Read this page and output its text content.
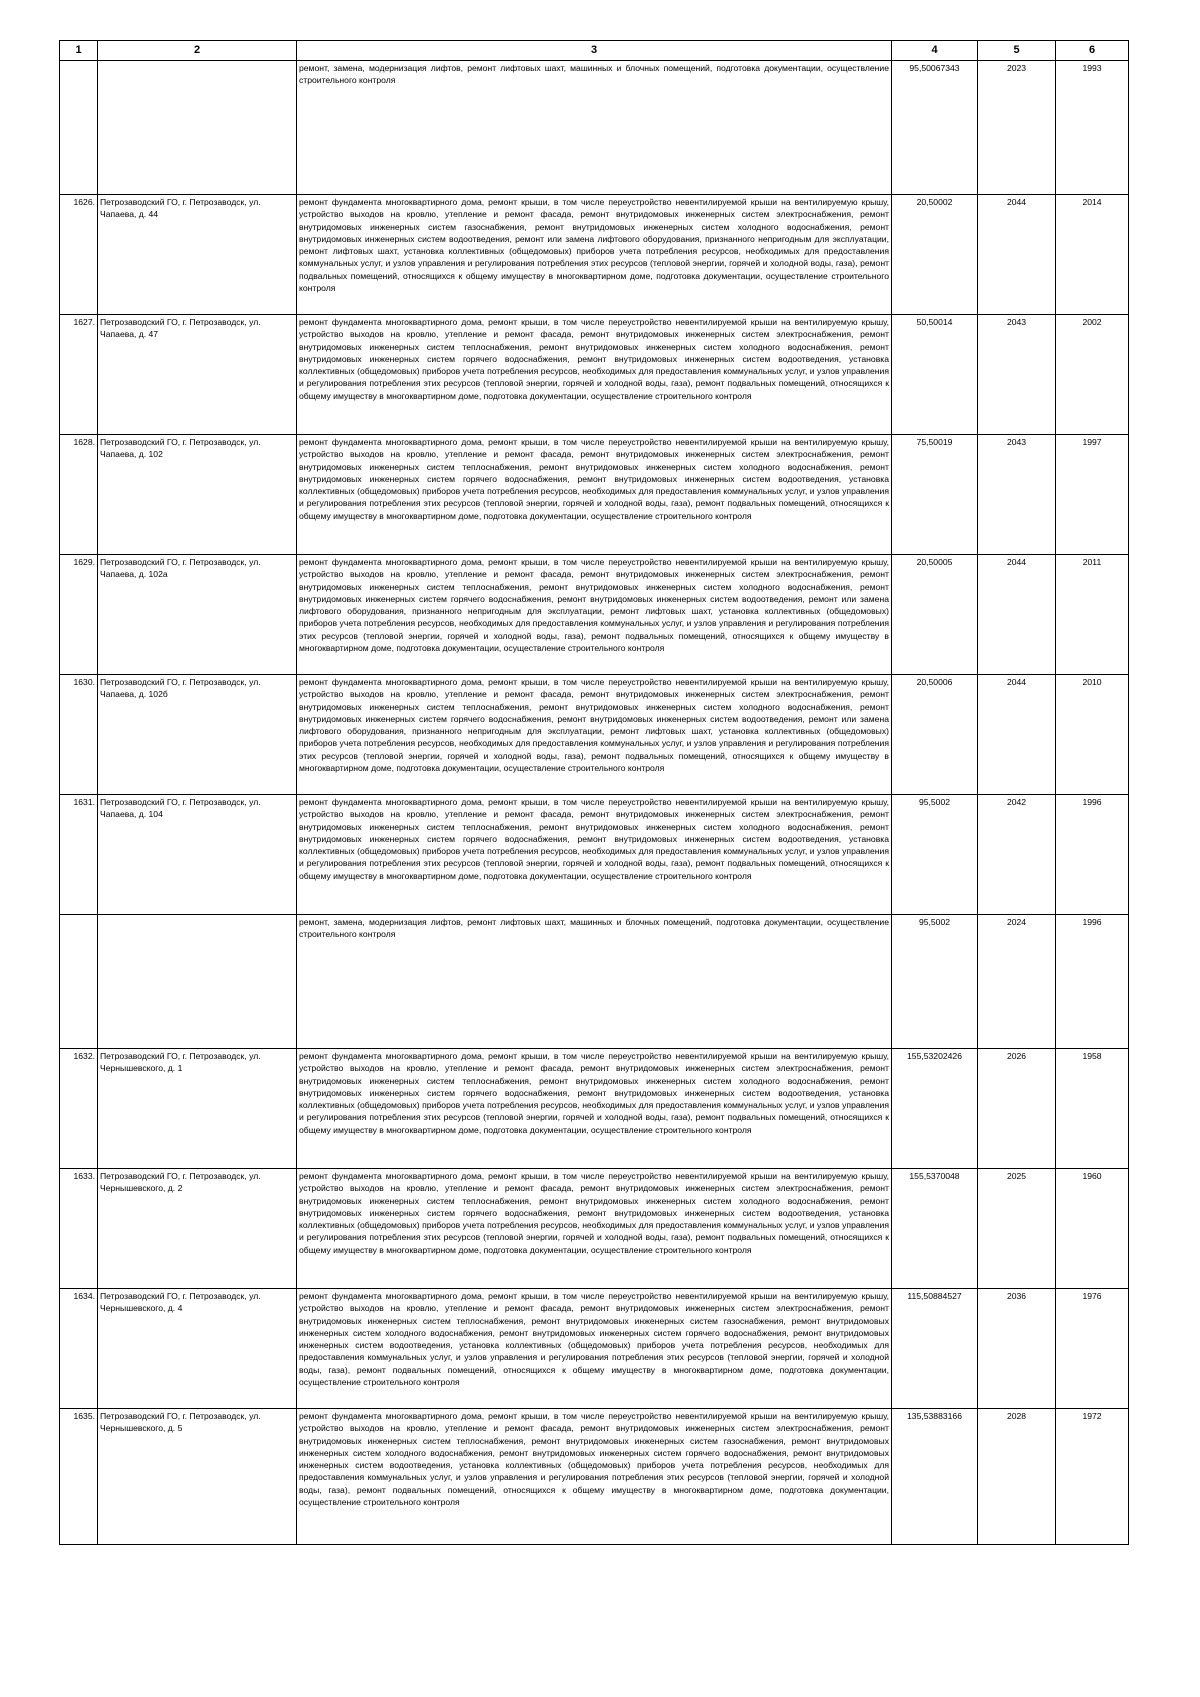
1	2	3	4	5	6
		ремонт, замена, модернизация лифтов, ремонт лифтовых шахт, машинных и блочных помещений, подготовка документации, осуществление строительного контроля	95,50067343	2023	1993
1626.	Петрозаводский ГО, г. Петрозаводск, ул. Чапаева, д. 44	ремонт фундамента многоквартирного дома, ремонт крыши, в том числе переустройство невентилируемой крыши на вентилируемую крышу, устройство выходов на кровлю, утепление и ремонт фасада, ремонт внутридомовых инженерных систем электроснабжения, ремонт внутридомовых инженерных систем газоснабжения, ремонт внутридомовых инженерных систем холодного водоснабжения, ремонт внутридомовых инженерных систем водоотведения, ремонт или замена лифтового оборудования, признанного непригодным для эксплуатации, ремонт лифтовых шахт, установка коллективных (общедомовых) приборов учета потребления ресурсов, необходимых для предоставления коммунальных услуг, и узлов управления и регулирования потребления этих ресурсов (тепловой энергии, горячей и холодной воды, газа), ремонт подвальных помещений, относящихся к общему имуществу в многоквартирном доме, подготовка документации, осуществление строительного контроля	20,50002	2044	2014
1627.	Петрозаводский ГО, г. Петрозаводск, ул. Чапаева, д. 47	ремонт фундамента многоквартирного дома, ремонт крыши, в том числе переустройство невентилируемой крыши на вентилируемую крышу, устройство выходов на кровлю, утепление и ремонт фасада, ремонт внутридомовых инженерных систем электроснабжения, ремонт внутридомовых инженерных систем теплоснабжения, ремонт внутридомовых инженерных систем холодного водоснабжения, ремонт внутридомовых инженерных систем горячего водоснабжения, ремонт внутридомовых инженерных систем водоотведения, установка коллективных (общедомовых) приборов учета потребления ресурсов, необходимых для предоставления коммунальных услуг, и узлов управления и регулирования потребления этих ресурсов (тепловой энергии, горячей и холодной воды, газа), ремонт подвальных помещений, относящихся к общему имуществу в многоквартирном доме, подготовка документации, осуществление строительного контроля	50,50014	2043	2002
1628.	Петрозаводский ГО, г. Петрозаводск, ул. Чапаева, д. 102	ремонт фундамента многоквартирного дома, ремонт крыши, в том числе переустройство невентилируемой крыши на вентилируемую крышу, устройство выходов на кровлю, утепление и ремонт фасада, ремонт внутридомовых инженерных систем электроснабжения, ремонт внутридомовых инженерных систем теплоснабжения, ремонт внутридомовых инженерных систем холодного водоснабжения, ремонт внутридомовых инженерных систем горячего водоснабжения, ремонт внутридомовых инженерных систем водоотведения, установка коллективных (общедомовых) приборов учета потребления ресурсов, необходимых для предоставления коммунальных услуг, и узлов управления и регулирования потребления этих ресурсов (тепловой энергии, горячей и холодной воды, газа), ремонт подвальных помещений, относящихся к общему имуществу в многоквартирном доме, подготовка документации, осуществление строительного контроля	75,50019	2043	1997
1629.	Петрозаводский ГО, г. Петрозаводск, ул. Чапаева, д. 102а	ремонт фундамента многоквартирного дома, ремонт крыши, в том числе переустройство невентилируемой крыши на вентилируемую крышу, устройство выходов на кровлю, утепление и ремонт фасада, ремонт внутридомовых инженерных систем электроснабжения, ремонт внутридомовых инженерных систем теплоснабжения, ремонт внутридомовых инженерных систем холодного водоснабжения, ремонт внутридомовых инженерных систем горячего водоснабжения, ремонт внутридомовых инженерных систем водоотведения, ремонт или замена лифтового оборудования, признанного непригодным для эксплуатации, ремонт лифтовых шахт, установка коллективных (общедомовых) приборов учета потребления ресурсов, необходимых для предоставления коммунальных услуг, и узлов управления и регулирования потребления этих ресурсов (тепловой энергии, горячей и холодной воды, газа), ремонт подвальных помещений, относящихся к общему имуществу в многоквартирном доме, подготовка документации, осуществление строительного контроля	20,50005	2044	2011
1630.	Петрозаводский ГО, г. Петрозаводск, ул. Чапаева, д. 102б	ремонт фундамента многоквартирного дома, ремонт крыши, в том числе переустройство невентилируемой крыши на вентилируемую крышу, устройство выходов на кровлю, утепление и ремонт фасада, ремонт внутридомовых инженерных систем электроснабжения, ремонт внутридомовых инженерных систем теплоснабжения, ремонт внутридомовых инженерных систем холодного водоснабжения, ремонт внутридомовых инженерных систем горячего водоснабжения, ремонт внутридомовых инженерных систем водоотведения, ремонт или замена лифтового оборудования, признанного непригодным для эксплуатации, ремонт лифтовых шахт, установка коллективных (общедомовых) приборов учета потребления ресурсов, необходимых для предоставления коммунальных услуг, и узлов управления и регулирования потребления этих ресурсов (тепловой энергии, горячей и холодной воды, газа), ремонт подвальных помещений, относящихся к общему имуществу в многоквартирном доме, подготовка документации, осуществление строительного контроля	20,50006	2044	2010
1631.	Петрозаводский ГО, г. Петрозаводск, ул. Чапаева, д. 104	ремонт фундамента многоквартирного дома, ремонт крыши, в том числе переустройство невентилируемой крыши на вентилируемую крышу, устройство выходов на кровлю, утепление и ремонт фасада, ремонт внутридомовых инженерных систем электроснабжения, ремонт внутридомовых инженерных систем теплоснабжения, ремонт внутридомовых инженерных систем холодного водоснабжения, ремонт внутридомовых инженерных систем горячего водоснабжения, ремонт внутридомовых инженерных систем водоотведения, установка коллективных (общедомовых) приборов учета потребления ресурсов, необходимых для предоставления коммунальных услуг, и узлов управления и регулирования потребления этих ресурсов (тепловой энергии, горячей и холодной воды, газа), ремонт подвальных помещений, относящихся к общему имуществу в многоквартирном доме, подготовка документации, осуществление строительного контроля	95,5002	2042	1996
		ремонт, замена, модернизация лифтов, ремонт лифтовых шахт, машинных и блочных помещений, подготовка документации, осуществление строительного контроля	95,5002	2024	1996
1632.	Петрозаводский ГО, г. Петрозаводск, ул. Чернышевского, д. 1	ремонт фундамента многоквартирного дома, ремонт крыши, в том числе переустройство невентилируемой крыши на вентилируемую крышу, устройство выходов на кровлю, утепление и ремонт фасада, ремонт внутридомовых инженерных систем электроснабжения, ремонт внутридомовых инженерных систем теплоснабжения, ремонт внутридомовых инженерных систем холодного водоснабжения, ремонт внутридомовых инженерных систем горячего водоснабжения, ремонт внутридомовых инженерных систем водоотведения, установка коллективных (общедомовых) приборов учета потребления ресурсов, необходимых для предоставления коммунальных услуг, и узлов управления и регулирования потребления этих ресурсов (тепловой энергии, горячей и холодной воды, газа), ремонт подвальных помещений, относящихся к общему имуществу в многоквартирном доме, подготовка документации, осуществление строительного контроля	155,53202426	2026	1958
1633.	Петрозаводский ГО, г. Петрозаводск, ул. Чернышевского, д. 2	ремонт фундамента многоквартирного дома, ремонт крыши, в том числе переустройство невентилируемой крыши на вентилируемую крышу, устройство выходов на кровлю, утепление и ремонт фасада, ремонт внутридомовых инженерных систем электроснабжения, ремонт внутридомовых инженерных систем теплоснабжения, ремонт внутридомовых инженерных систем холодного водоснабжения, ремонт внутридомовых инженерных систем горячего водоснабжения, ремонт внутридомовых инженерных систем водоотведения, установка коллективных (общедомовых) приборов учета потребления ресурсов, необходимых для предоставления коммунальных услуг, и узлов управления и регулирования потребления этих ресурсов (тепловой энергии, горячей и холодной воды, газа), ремонт подвальных помещений, относящихся к общему имуществу в многоквартирном доме, подготовка документации, осуществление строительного контроля	155,5370048	2025	1960
1634.	Петрозаводский ГО, г. Петрозаводск, ул. Чернышевского, д. 4	ремонт фундамента многоквартирного дома, ремонт крыши, в том числе переустройство невентилируемой крыши на вентилируемую крышу, устройство выходов на кровлю, утепление и ремонт фасада, ремонт внутридомовых инженерных систем электроснабжения, ремонт внутридомовых инженерных систем теплоснабжения, ремонт внутридомовых инженерных систем газоснабжения, ремонт внутридомовых инженерных систем холодного водоснабжения, ремонт внутридомовых инженерных систем горячего водоснабжения, ремонт внутридомовых инженерных систем водоотведения, установка коллективных (общедомовых) приборов учета потребления ресурсов, необходимых для предоставления коммунальных услуг, и узлов управления и регулирования потребления этих ресурсов (тепловой энергии, горячей и холодной воды, газа), ремонт подвальных помещений, относящихся к общему имуществу в многоквартирном доме, подготовка документации, осуществление строительного контроля	115,50884527	2036	1976
1635.	Петрозаводский ГО, г. Петрозаводск, ул. Чернышевского, д. 5	ремонт фундамента многоквартирного дома, ремонт крыши, в том числе переустройство невентилируемой крыши на вентилируемую крышу, устройство выходов на кровлю, утепление и ремонт фасада, ремонт внутридомовых инженерных систем электроснабжения, ремонт внутридомовых инженерных систем теплоснабжения, ремонт внутридомовых инженерных систем газоснабжения, ремонт внутридомовых инженерных систем холодного водоснабжения, ремонт внутридомовых инженерных систем горячего водоснабжения, ремонт внутридомовых инженерных систем водоотведения, установка коллективных (общедомовых) приборов учета потребления ресурсов, необходимых для предоставления коммунальных услуг, и узлов управления и регулирования потребления этих ресурсов (тепловой энергии, горячей и холодной воды, газа), ремонт подвальных помещений, относящихся к общему имуществу в многоквартирном доме, подготовка документации, осуществление строительного контроля	135,53883166	2028	1972
